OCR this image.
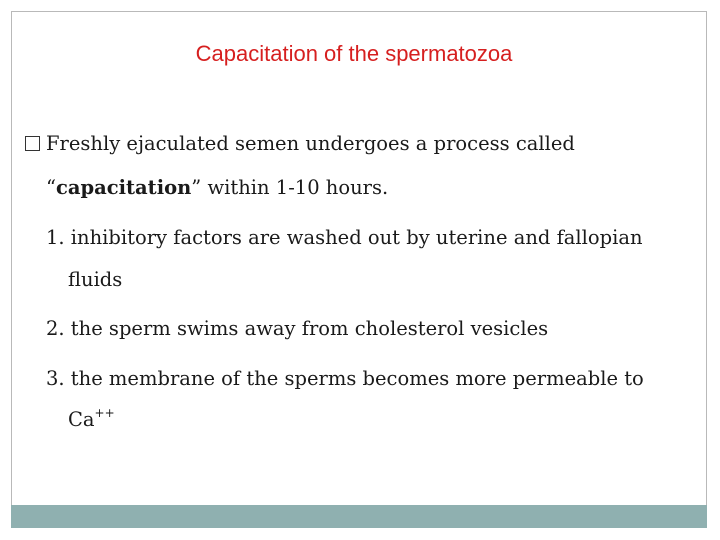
Capacitation of the spermatozoa
Freshly ejaculated semen undergoes a process called
“capacitation” within 1-10 hours.
1. inhibitory factors are washed out by uterine and fallopian
fluids
2. the sperm swims away from cholesterol vesicles
3. the membrane of the sperms becomes more permeable to
Ca++
